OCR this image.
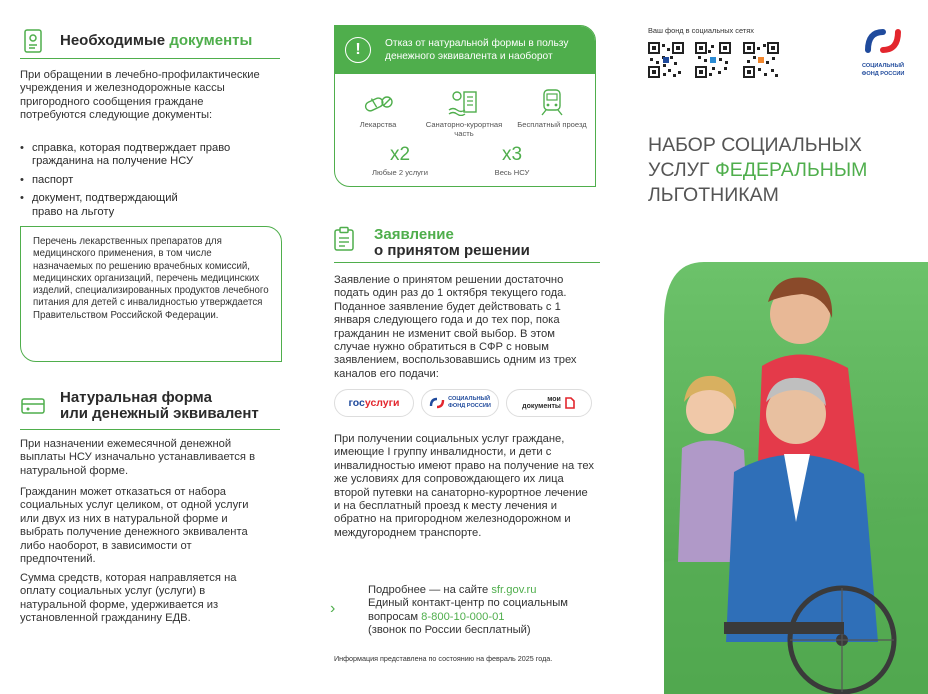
Необходимые документы
При обращении в лечебно-профилактические учреждения и железнодорожные кассы пригородного сообщения граждане потребуются следующие документы:
• справка, которая подтверждает право гражданина на получение НСУ
• паспорт
• документ, подтверждающий право на льготу
Перечень лекарственных препаратов для медицинского применения, в том числе назначаемых по решению врачебных комиссий, медицинских организаций, перечень медицинских изделий, специализированных продуктов лечебного питания для детей с инвалидностью утверждается Правительством Российской Федерации.
Натуральная форма
или денежный эквивалент
При назначении ежемесячной денежной выплаты НСУ изначально устанавливается в натуральной форме.
Гражданин может отказаться от набора социальных услуг целиком, от одной услуги или двух из них в натуральной форме и выбрать получение денежного эквивалента либо наоборот, в зависимости от предпочтений.
Сумма средств, которая направляется на оплату социальных услуг (услуги) в натуральной форме, удерживается из установленной гражданину ЕДВ.
!	Отказ от натуральной формы в пользу денежного эквивалента и наоборот
Лекарства	Санаторно-курортная часть
Бесплатный проезд
x2
Любые 2 услуги
x3
Весь НСУ
Заявление
о принятом решении
Заявление о принятом решении достаточно подать один раз до 1 октября текущего года. Поданное заявление будет действовать с 1 января следующего года и до тех пор, пока гражданин не изменит свой выбор. В этом случае нужно обратиться в СФР с новым заявлением, воспользовавшись одним из трех каналов его подачи:
гос услуги	СОЦИАЛЬНЫЙ
ФОНД РОССИИ
мои
документы
При получении социальных услуг граждане, имеющие I группу инвалидности, и дети с инвалидностью имеют право на получение на тех же условиях для сопровождающего их лица второй путевки на санаторно-курортное лечение и на бесплатный проезд к месту лечения и обратно на пригородном железнодорожном и междугороднем транспорте.
›
Подробнее — на сайте sfr.gov.ru
Единый контакт-центр по социальным вопросам 8-800-10-000-01
(звонок по России бесплатный)
Информация представлена по состоянию на февраль 2025 года.
Ваш фонд в социальных сетях
СОЦИАЛЬНЫЙ
ФОНД РОССИИ
НАБОР СОЦИАЛЬНЫХ
УСЛУГ ФЕДЕРАЛЬНЫМ
ЛЬГОТНИКАМ
